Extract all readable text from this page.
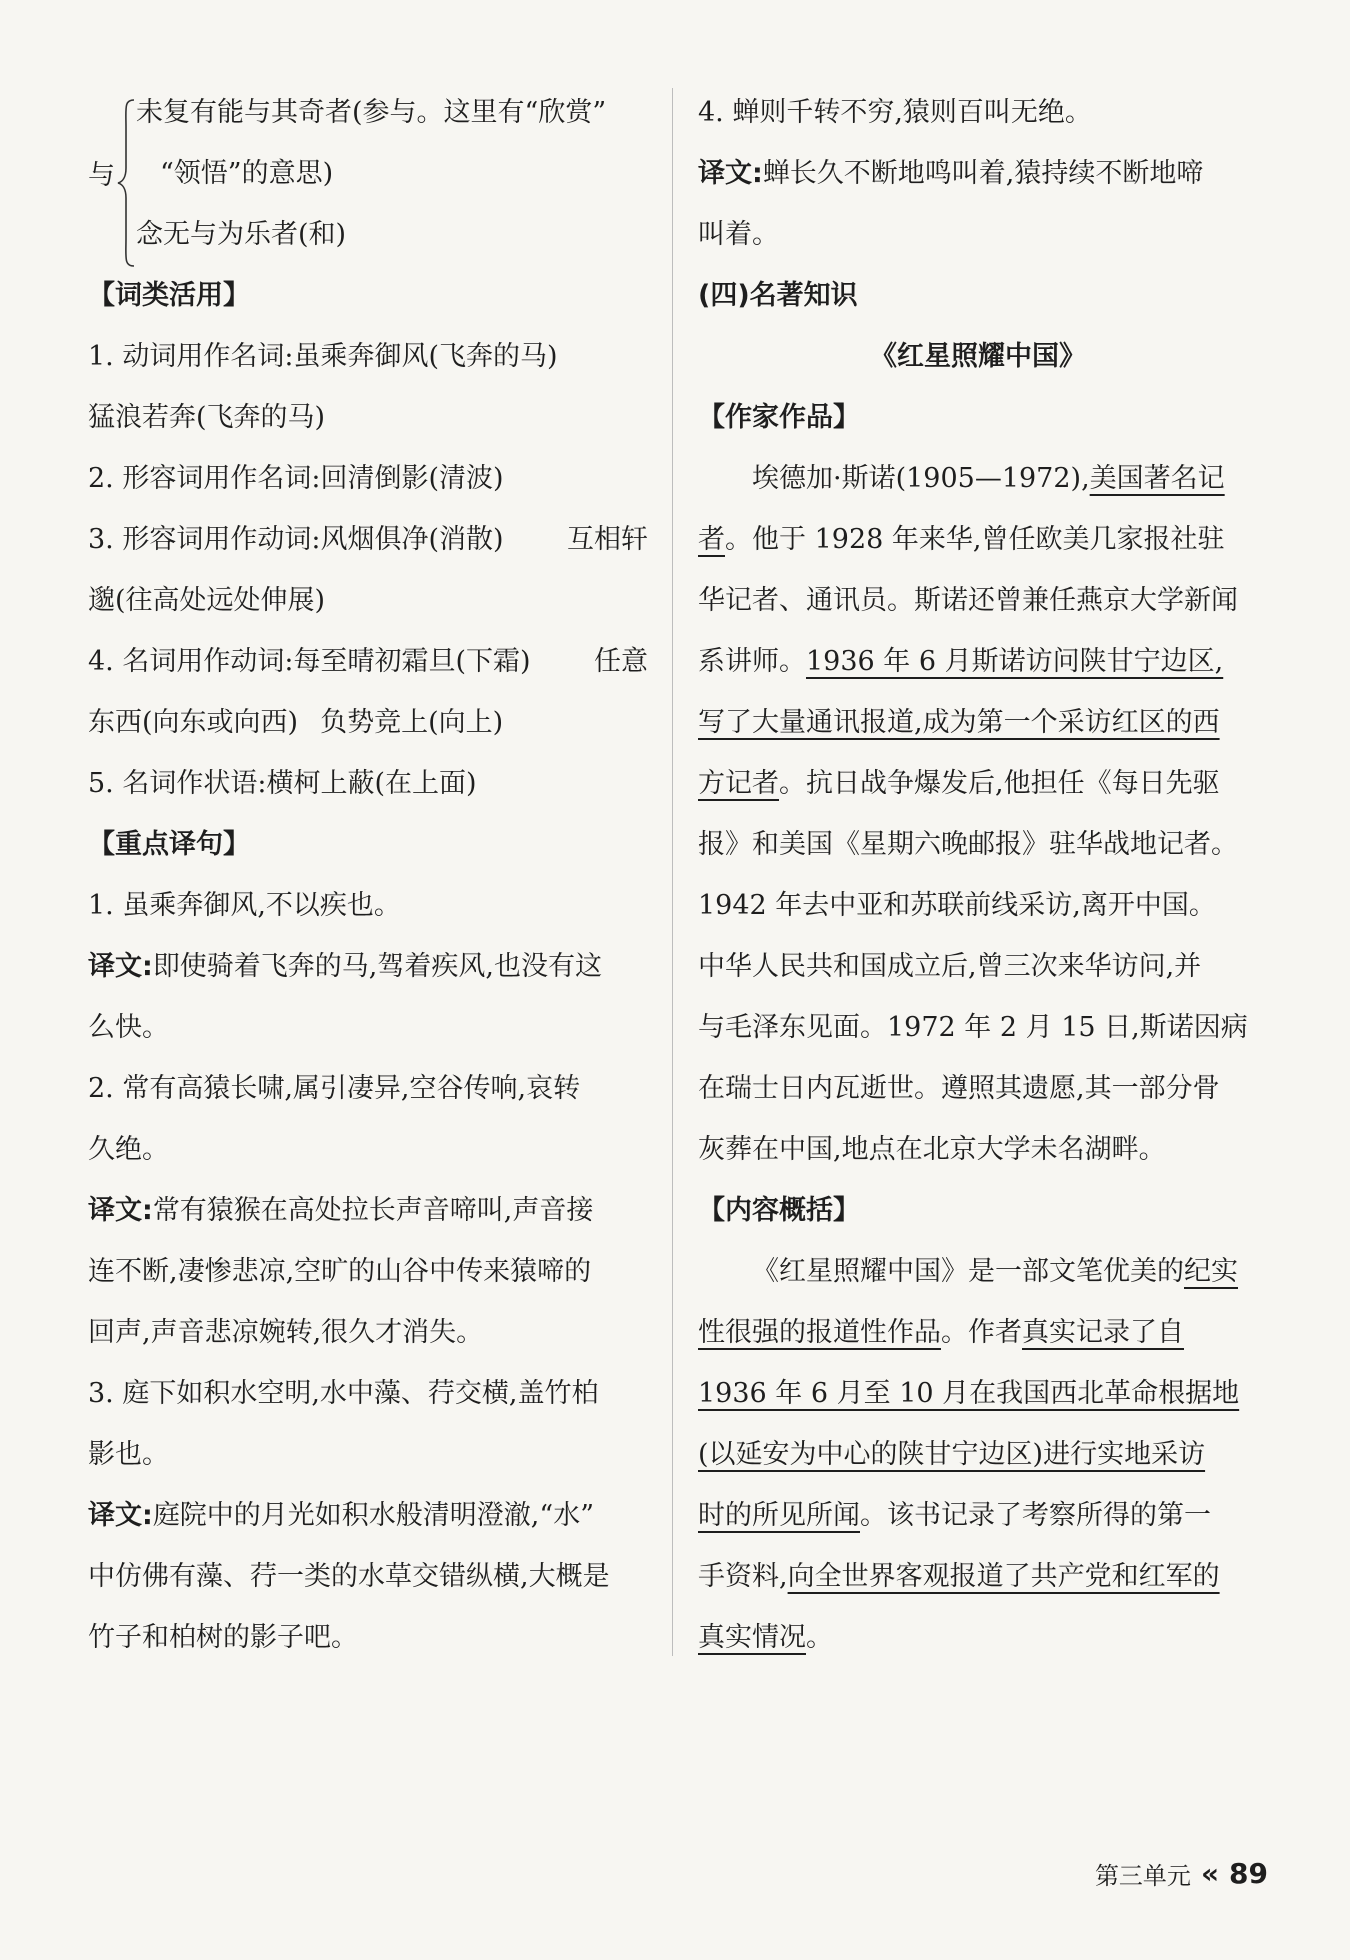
与
未复有能与其奇者(参与。这里有“欣赏”
“领悟”的意思)
念无与为乐者(和)
【词类活用】
1. 动词用作名词:虽乘奔御风(飞奔的马)
猛浪若奔(飞奔的马)
2. 形容词用作名词:回清倒影(清波)
3. 形容词用作动词:风烟俱净(消散) 互相轩
邈(往高处远处伸展)
4. 名词用作动词:每至晴初霜旦(下霜) 任意
东西(向东或向西) 负势竞上(向上)
5. 名词作状语:横柯上蔽(在上面)
【重点译句】
1. 虽乘奔御风,不以疾也。
译文:即使骑着飞奔的马,驾着疾风,也没有这
么快。
2. 常有高猿长啸,属引凄异,空谷传响,哀转
久绝。
译文:常有猿猴在高处拉长声音啼叫,声音接
连不断,凄惨悲凉,空旷的山谷中传来猿啼的
回声,声音悲凉婉转,很久才消失。
3. 庭下如积水空明,水中藻、荇交横,盖竹柏
影也。
译文:庭院中的月光如积水般清明澄澈,“水”
中仿佛有藻、荇一类的水草交错纵横,大概是
竹子和柏树的影子吧。
4. 蝉则千转不穷,猿则百叫无绝。
译文:蝉长久不断地鸣叫着,猿持续不断地啼
叫着。
(四)名著知识
《红星照耀中国》
【作家作品】
埃德加·斯诺(1905—1972),美国著名记
者。他于 1928 年来华,曾任欧美几家报社驻
华记者、通讯员。斯诺还曾兼任燕京大学新闻
系讲师。1936 年 6 月斯诺访问陕甘宁边区,
写了大量通讯报道,成为第一个采访红区的西
方记者。抗日战争爆发后,他担任《每日先驱
报》和美国《星期六晚邮报》驻华战地记者。
1942 年去中亚和苏联前线采访,离开中国。
中华人民共和国成立后,曾三次来华访问,并
与毛泽东见面。1972 年 2 月 15 日,斯诺因病
在瑞士日内瓦逝世。遵照其遗愿,其一部分骨
灰葬在中国,地点在北京大学未名湖畔。
【内容概括】
《红星照耀中国》是一部文笔优美的纪实
性很强的报道性作品。作者真实记录了自
1936 年 6 月至 10 月在我国西北革命根据地
(以延安为中心的陕甘宁边区)进行实地采访
时的所见所闻。该书记录了考察所得的第一
手资料,向全世界客观报道了共产党和红军的
真实情况。
第三单元 « 89
